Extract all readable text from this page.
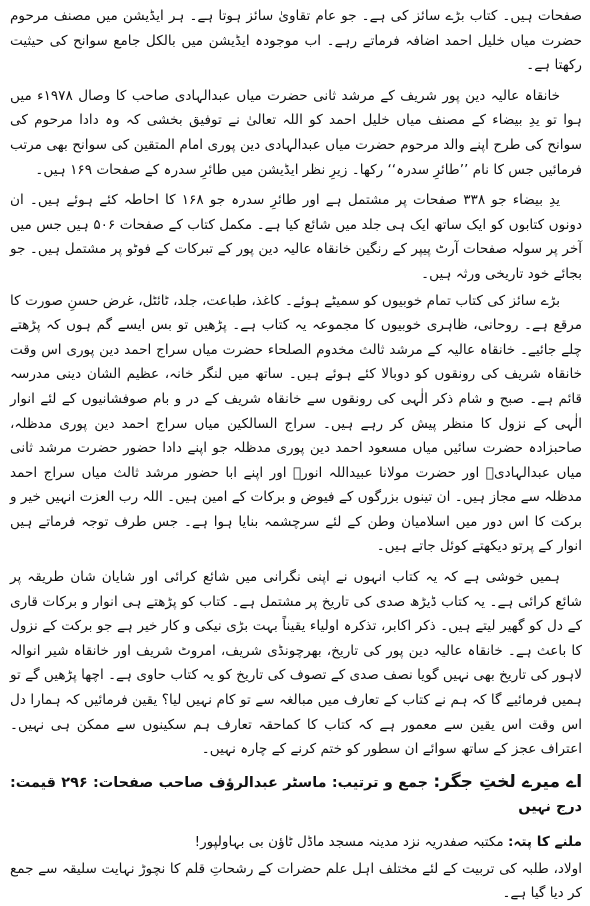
صفحات ہیں۔ کتاب بڑے سائز کی ہے۔ جو عام تقاویٰ سائز ہوتا ہے۔ ہر ایڈیشن میں مصنف مرحوم حضرت میاں خلیل احمد اضافہ فرماتے رہے۔ اب موجودہ ایڈیشن میں بالکل جامع سوانح کی حیثیت رکھتا ہے۔

خانقاہ عالیہ دین پور شریف کے مرشد ثانی حضرت میاں عبدالہادی صاحب کا وصال ۱۹۷۸ء میں ہوا تو یدِ بیضاء کے مصنف میاں خلیل احمد کو اللہ تعالیٰ نے توفیق بخشی کہ وہ دادا مرحوم کی سوانح کی طرح اپنے والد مرحوم حضرت میاں عبدالہادی دین پوری امام المتقین کی سوانح بھی مرتب فرمائیں جس کا نام ’’طائرِ سدرہ‘‘ رکھا۔ زیرِ نظر ایڈیشن میں طائرِ سدرہ کے صفحات ۱۶۹ ہیں۔

یدِ بیضاء جو ۳۳۸ صفحات پر مشتمل ہے اور طائرِ سدرہ جو ۱۶۸ کا احاطہ کئے ہوئے ہیں۔ ان دونوں کتابوں کو ایک ساتھ ایک ہی جلد میں شائع کیا ہے۔ مکمل کتاب کے صفحات ۵۰۶ ہیں جس میں آخر پر سولہ صفحات آرٹ پیپر کے رنگین خانقاہ عالیہ دین پور کے تبرکات کے فوٹو پر مشتمل ہیں۔ جو بجائے خود تاریخی ورثہ ہیں۔

بڑے سائز کی کتاب تمام خوبیوں کو سمیٹے ہوئے۔ کاغذ، طباعت، جلد، ٹائٹل، غرض حسنِ صورت کا مرقع ہے۔ روحانی، ظاہری خوبیوں کا مجموعہ یہ کتاب ہے۔ پڑھیں تو بس ایسے گم ہوں کہ پڑھتے چلے جائیے۔ خانقاہ عالیہ کے مرشد ثالث مخدوم الصلحاء حضرت میاں سراج احمد دین پوری اس وقت خانقاہ شریف کی رونقوں کو دوبالا کئے ہوئے ہیں۔ ساتھ میں لنگر خانہ، عظیم الشان دینی مدرسہ قائم ہے۔ صبح و شام ذکر الٰہی کی رونقوں سے خانقاہ شریف کے در و بام صوفشانیوں کے لئے انوار الٰہی کے نزول کا منظر پیش کر رہے ہیں۔ سراج السالکین میاں سراج احمد دین پوری مدظلہ، صاحبزادہ حضرت سائیں میاں مسعود احمد دین پوری مدظلہ جو اپنے دادا حضور حضرت مرشد ثانی میاں عبدالہادیؒ اور حضرت مولانا عبیداللہ انورؒ اور اپنے ابا حضور مرشد ثالث میاں سراج احمد مدظلہ سے مجاز ہیں۔ ان تینوں بزرگوں کے فیوض و برکات کے امین ہیں۔ اللہ رب العزت انہیں خیر و برکت کا اس دور میں اسلامیان وطن کے لئے سرچشمہ بنایا ہوا ہے۔ جس طرف توجہ فرماتے ہیں انوار کے پرتو دیکھتے کوئل جاتے ہیں۔

ہمیں خوشی ہے کہ یہ کتاب انہوں نے اپنی نگرانی میں شائع کرائی اور شایان شان طریقہ پر شائع کرائی ہے۔ یہ کتاب ڈیڑھ صدی کی تاریخ پر مشتمل ہے۔ کتاب کو پڑھتے ہی انوار و برکات قاری کے دل کو گھیر لیتے ہیں۔ ذکر اکابر، تذکرہ اولیاء یقیناً بہت بڑی نیکی و کار خیر ہے جو برکت کے نزول کا باعث ہے۔ خانقاہ عالیہ دین پور کی تاریخ، بھرچونڈی شریف، امروٹ شریف اور خانقاہ شیر انوالہ لاہور کی تاریخ بھی نہیں گویا نصف صدی کے تصوف کی تاریخ کو یہ کتاب حاوی ہے۔ اچھا پڑھیں گے تو ہمیں فرمائیے گا کہ ہم نے کتاب کے تعارف میں مبالغہ سے تو کام نہیں لیا؟ یقین فرمائیں کہ ہمارا دل اس وقت اس یقین سے معمور ہے کہ کتاب کا کماحقہ تعارف ہم سکینوں سے ممکن ہی نہیں۔ اعتراف عجز کے ساتھ سوائے ان سطور کو ختم کرنے کے چارہ نہیں۔

اے میرے لختِ جگر: جمع و ترتیب: ماسٹر عبدالرؤف صاحب صفحات: ۲۹۶ قیمت: درج نہیں

ملنے کا پتہ: مکتبہ صفدریہ نزد مدینہ مسجد ماڈل ٹاؤن بی بہاولپور!

اولاد، طلبہ کی تربیت کے لئے مختلف اہل علم حضرات کے رشحاتِ قلم کا نچوڑ نہایت سلیقہ سے جمع کر دیا گیا ہے۔
